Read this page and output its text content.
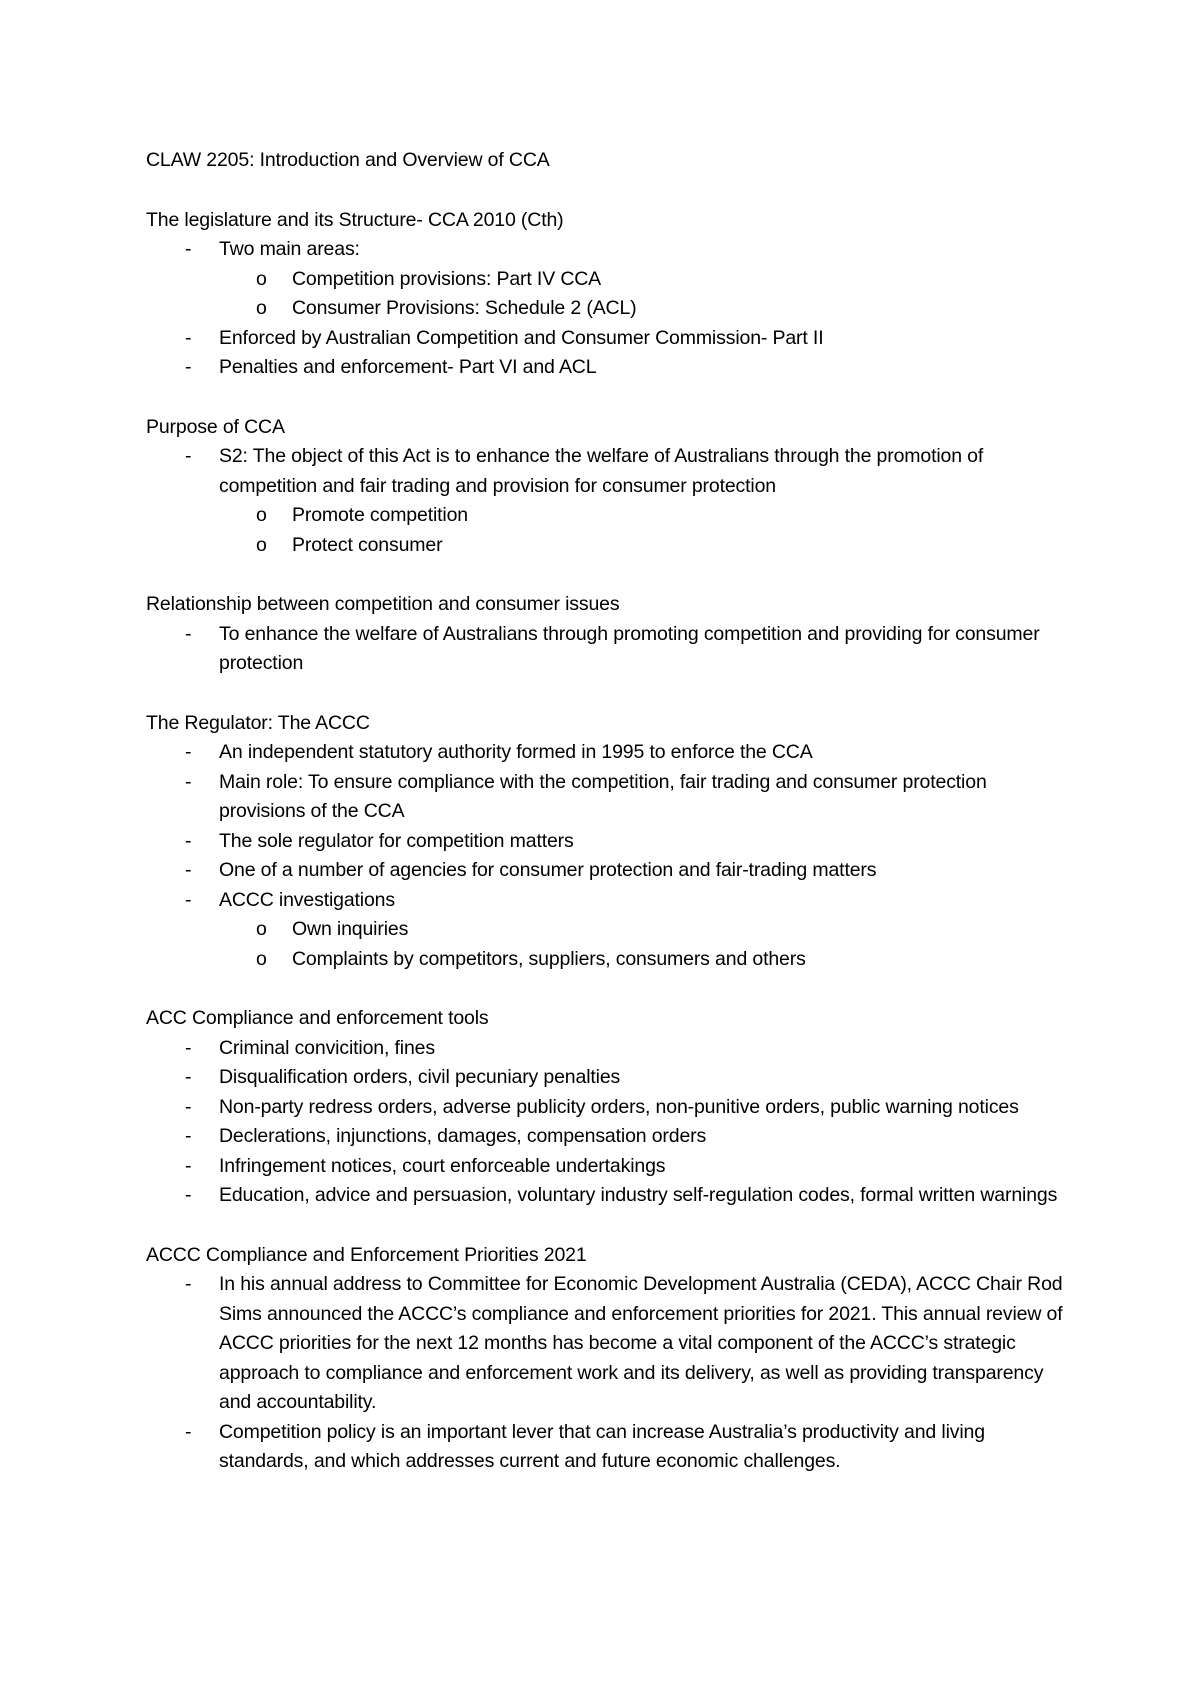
CLAW 2205: Introduction and Overview of CCA
The legislature and its Structure- CCA 2010 (Cth)
-	Two main areas:
o	Competition provisions: Part IV CCA
o	Consumer Provisions: Schedule 2 (ACL)
-	Enforced by Australian Competition and Consumer Commission- Part II
-	Penalties and enforcement- Part VI and ACL
Purpose of CCA
-	S2: The object of this Act is to enhance the welfare of Australians through the promotion of competition and fair trading and provision for consumer protection
o	Promote competition
o	Protect consumer
Relationship between competition and consumer issues
-	To enhance the welfare of Australians through promoting competition and providing for consumer protection
The Regulator: The ACCC
-	An independent statutory authority formed in 1995 to enforce the CCA
-	Main role: To ensure compliance with the competition, fair trading and consumer protection provisions of the CCA
-	The sole regulator for competition matters
-	One of a number of agencies for consumer protection and fair-trading matters
-	ACCC investigations
o	Own inquiries
o	Complaints by competitors, suppliers, consumers and others
ACC Compliance and enforcement tools
-	Criminal convicition, fines
-	Disqualification orders, civil pecuniary penalties
-	Non-party redress orders, adverse publicity orders, non-punitive orders, public warning notices
-	Declerations, injunctions, damages, compensation orders
-	Infringement notices, court enforceable undertakings
-	Education, advice and persuasion, voluntary industry self-regulation codes, formal written warnings
ACCC Compliance and Enforcement Priorities 2021
-	In his annual address to Committee for Economic Development Australia (CEDA), ACCC Chair Rod Sims announced the ACCC’s compliance and enforcement priorities for 2021. This annual review of ACCC priorities for the next 12 months has become a vital component of the ACCC’s strategic approach to compliance and enforcement work and its delivery, as well as providing transparency and accountability.
-	Competition policy is an important lever that can increase Australia’s productivity and living standards, and which addresses current and future economic challenges.
